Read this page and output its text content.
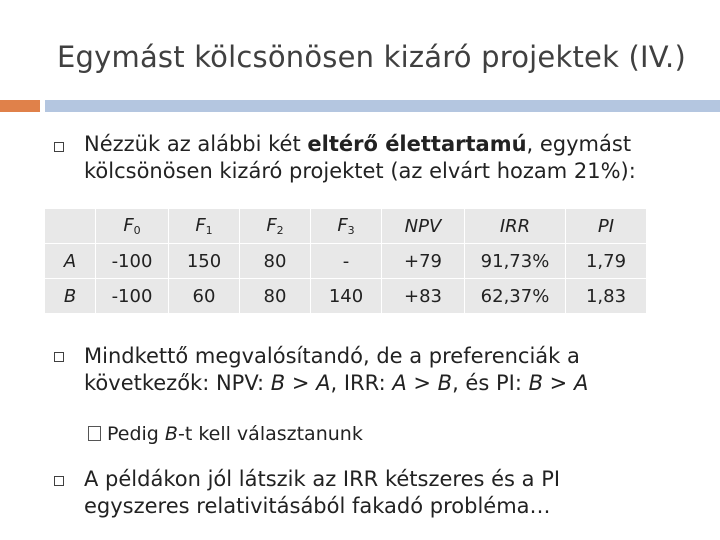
Egymást kölcsönösen kizáró projektek (IV.)
Nézzük az alábbi két eltérő élettartamú, egymást
kölcsönösen kizáró projektet (az elvárt hozam 21%):
	$F_0$	$F_1$	$F_2$	$F_3$	NPV	IRR	PI
A	-100	150	80	-	+79	91,73%	1,79
B	-100	60	80	140	+83	62,37%	1,83
Mindkettő megvalósítandó, de a preferenciák a
következők: NPV: B > A, IRR: A > B, és PI: B > A
Pedig B-t kell választanunk
A példákon jól látszik az IRR kétszeres és a PI
egyszeres relativitásából fakadó probléma…
